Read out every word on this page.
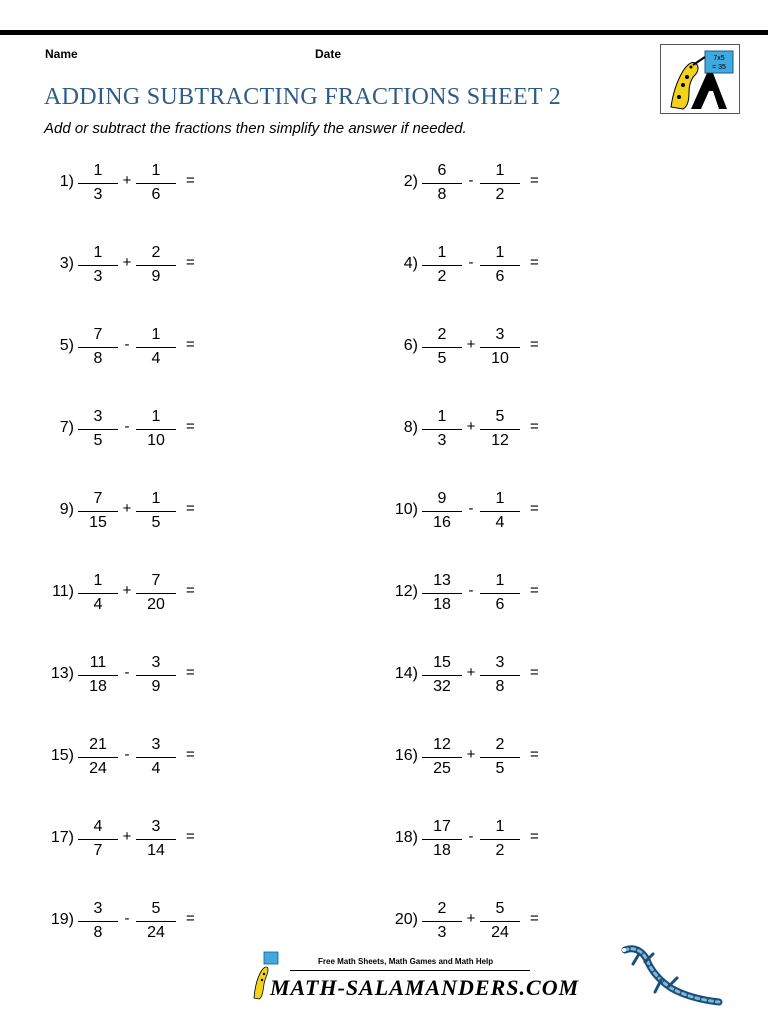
Name	Date
ADDING SUBTRACTING FRACTIONS SHEET 2
Add or subtract the fractions then simplify the answer if needed.
7x5
= 35
1)
1
3
+
1
6
=	2)
6
8
-
1
2
=
3)
1
3
+
2
9
=	4)
1
2
-
1
6
=
5)
7
8
-
1
4
=	6)
2
5
+
3
10
=
7)
3
5
-
1
10
=	8)
1
3
+
5
12
=
9)
7
15
+
1
5
=	10)
9
16
-
1
4
=
11)
1
4
+
7
20
=	12)
13
18
-
1
6
=
13)
11
18
-
3
9
=	14)
15
32
+
3
8
=
15)
21
24
-
3
4
=	16)
12
25
+
2
5
=
17)
4
7
+
3
14
=	18)
17
18
-
1
2
=
19)
3
8
-
5
24
=	20)
2
3
+
5
24
=
Free Math Sheets, Math Games and Math Help
MATH-SALAMANDERS.COM
